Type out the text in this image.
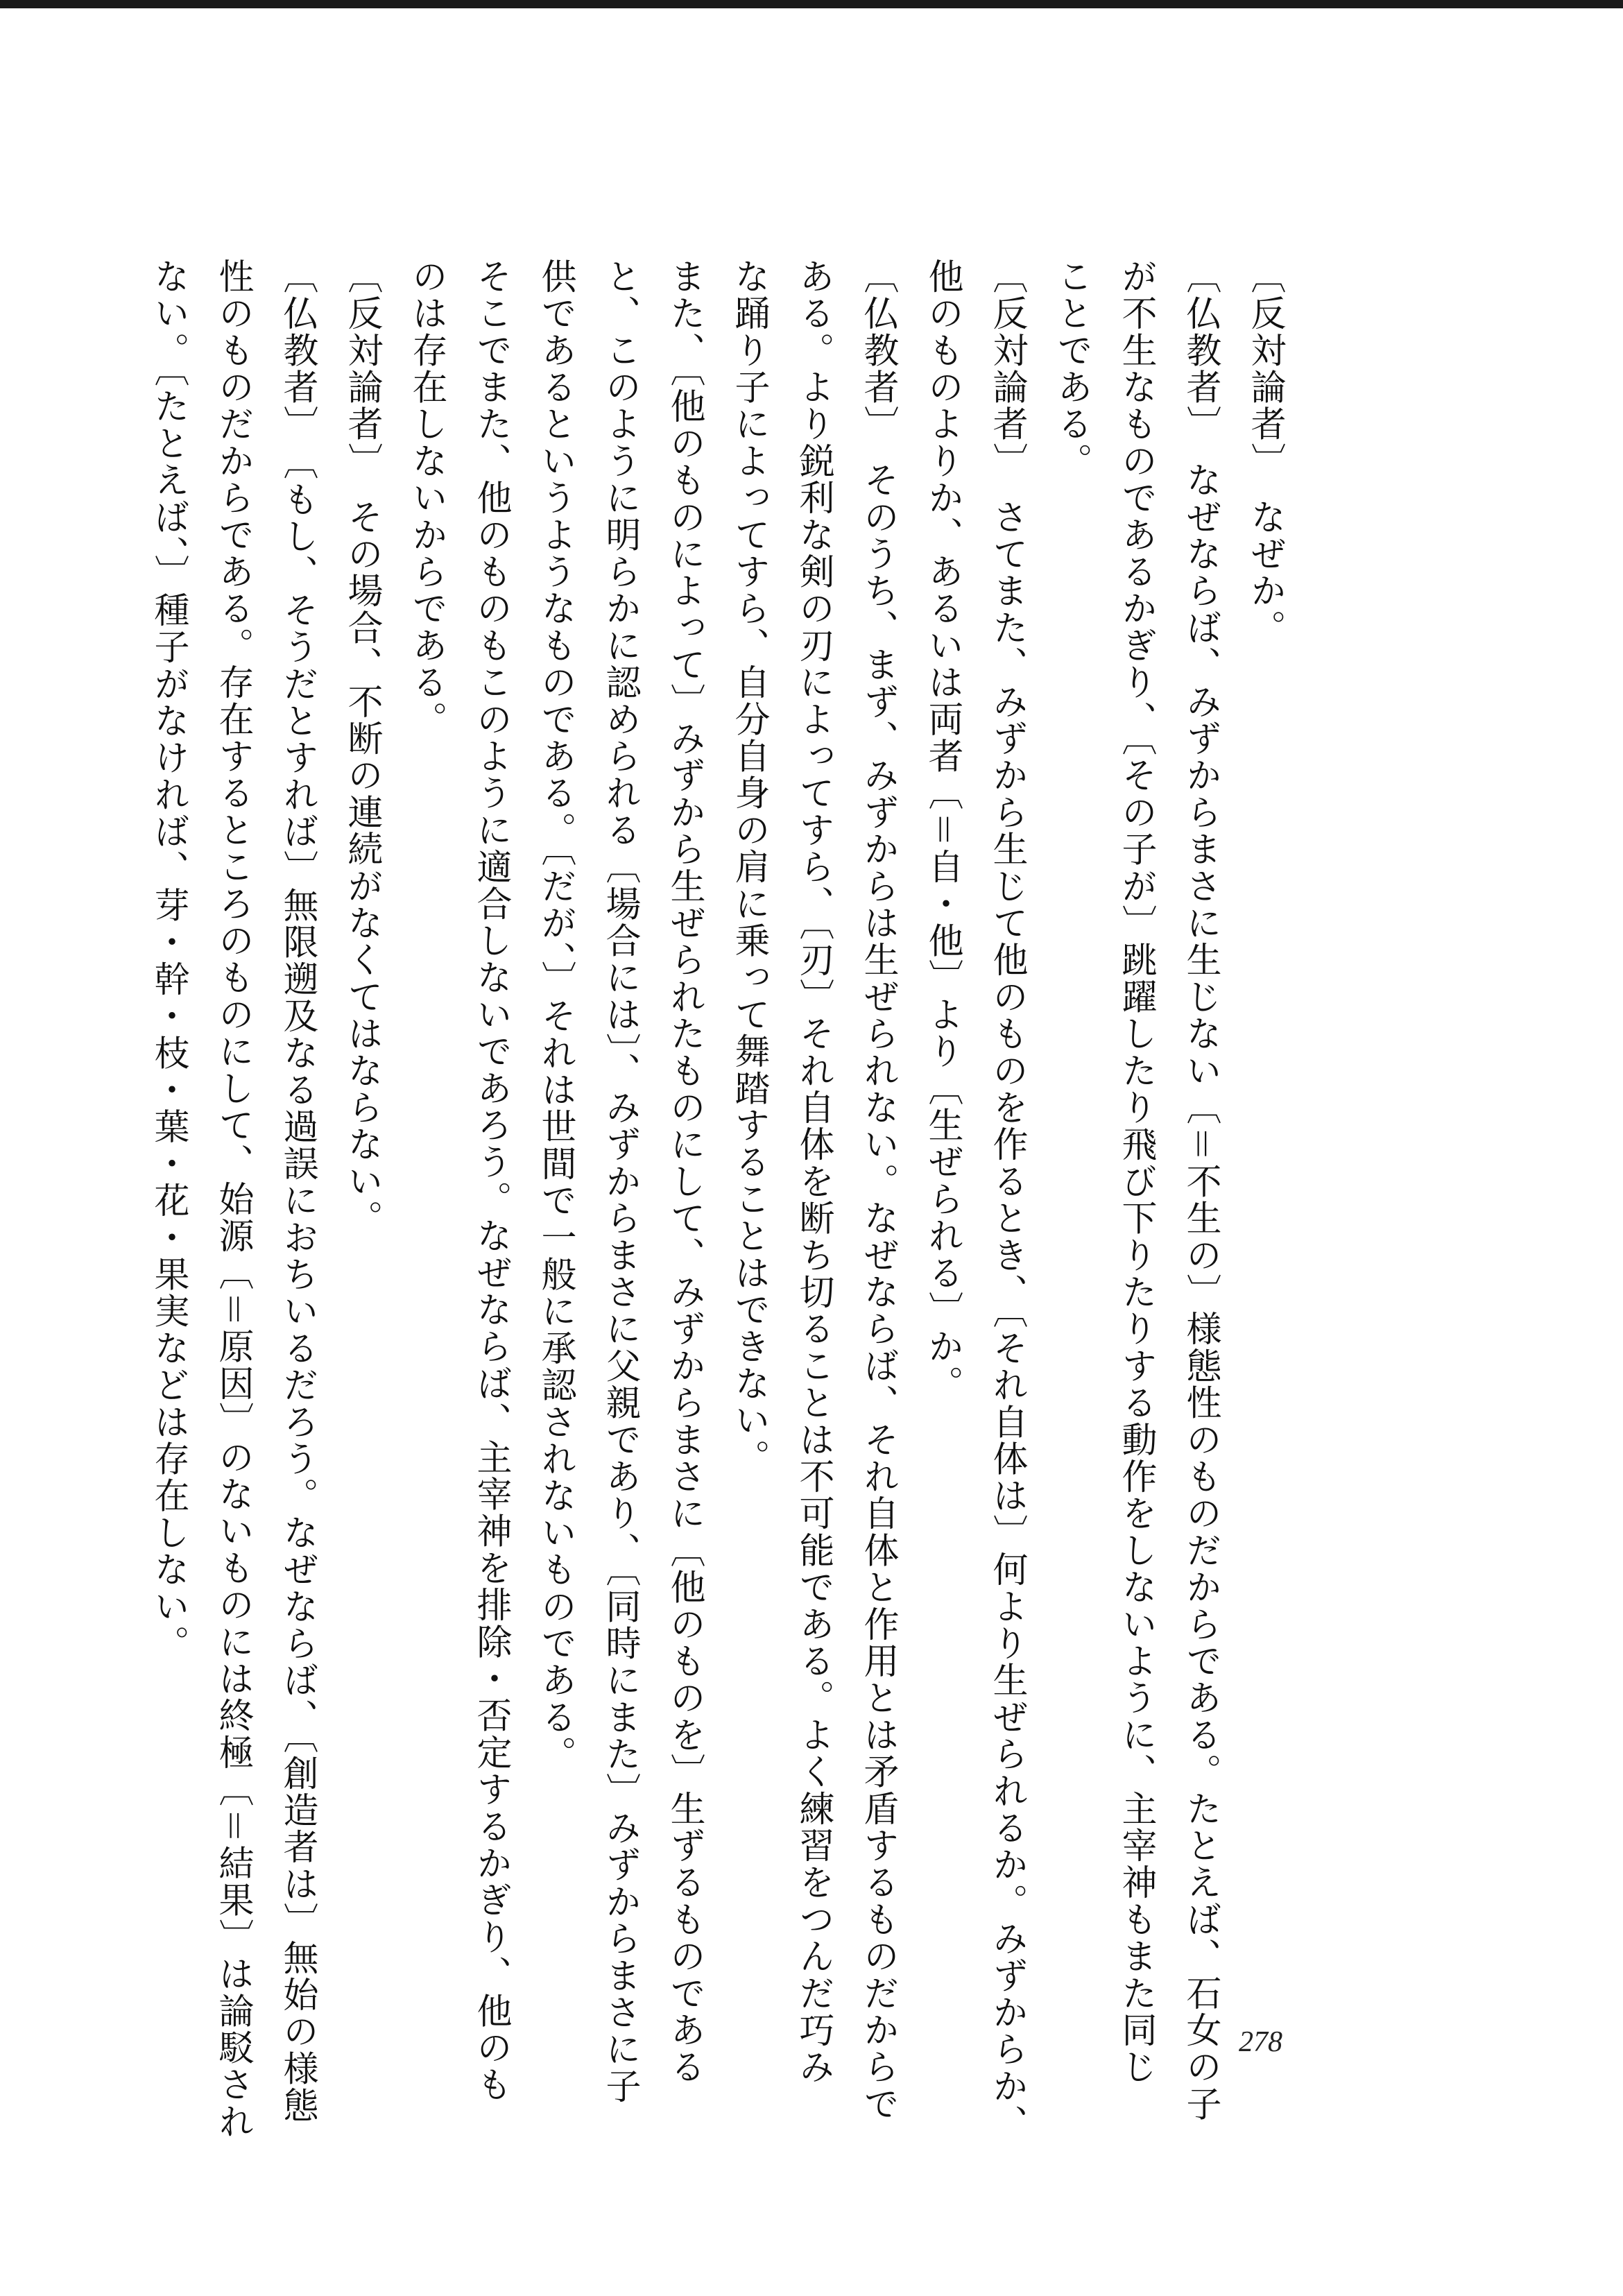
〔反対論者〕　なぜか。

〔仏教者〕　なぜならば、みずからまさに生じない〔＝不生の〕様態性のものだからである。たとえば、石女の子

が不生なものであるかぎり、〔その子が〕跳躍したり飛び下りたりする動作をしないように、主宰神もまた同じ

ことである。

〔反対論者〕　さてまた、みずから生じて他のものを作るとき、〔それ自体は〕何より生ぜられるか。みずからか、

他のものよりか、あるいは両者〔＝自・他〕より〔生ぜられる〕か。

〔仏教者〕　そのうち、まず、みずからは生ぜられない。なぜならば、それ自体と作用とは矛盾するものだからで

ある。より鋭利な剣の刃によってすら、〔刃〕それ自体を断ち切ることは不可能である。よく練習をつんだ巧み

な踊り子によってすら、自分自身の肩に乗って舞踏することはできない。

また、〔他のものによって〕みずから生ぜられたものにして、みずからまさに〔他のものを〕生ずるものである

と、このように明らかに認められる〔場合には〕、みずからまさに父親であり、〔同時にまた〕みずからまさに子

供であるというようなものである。〔だが、〕それは世間で一般に承認されないものである。

そこでまた、他のものもこのように適合しないであろう。なぜならば、主宰神を排除・否定するかぎり、他のも

のは存在しないからである。

〔反対論者〕　その場合、不断の連続がなくてはならない。

〔仏教者〕　〔もし、そうだとすれば〕無限遡及なる過誤におちいるだろう。なぜならば、〔創造者は〕無始の様態

性のものだからである。存在するところのものにして、始源〔＝原因〕のないものには終極〔＝結果〕は論駁され

ない。〔たとえば、〕種子がなければ、芽・幹・枝・葉・花・果実などは存在しない。

278
